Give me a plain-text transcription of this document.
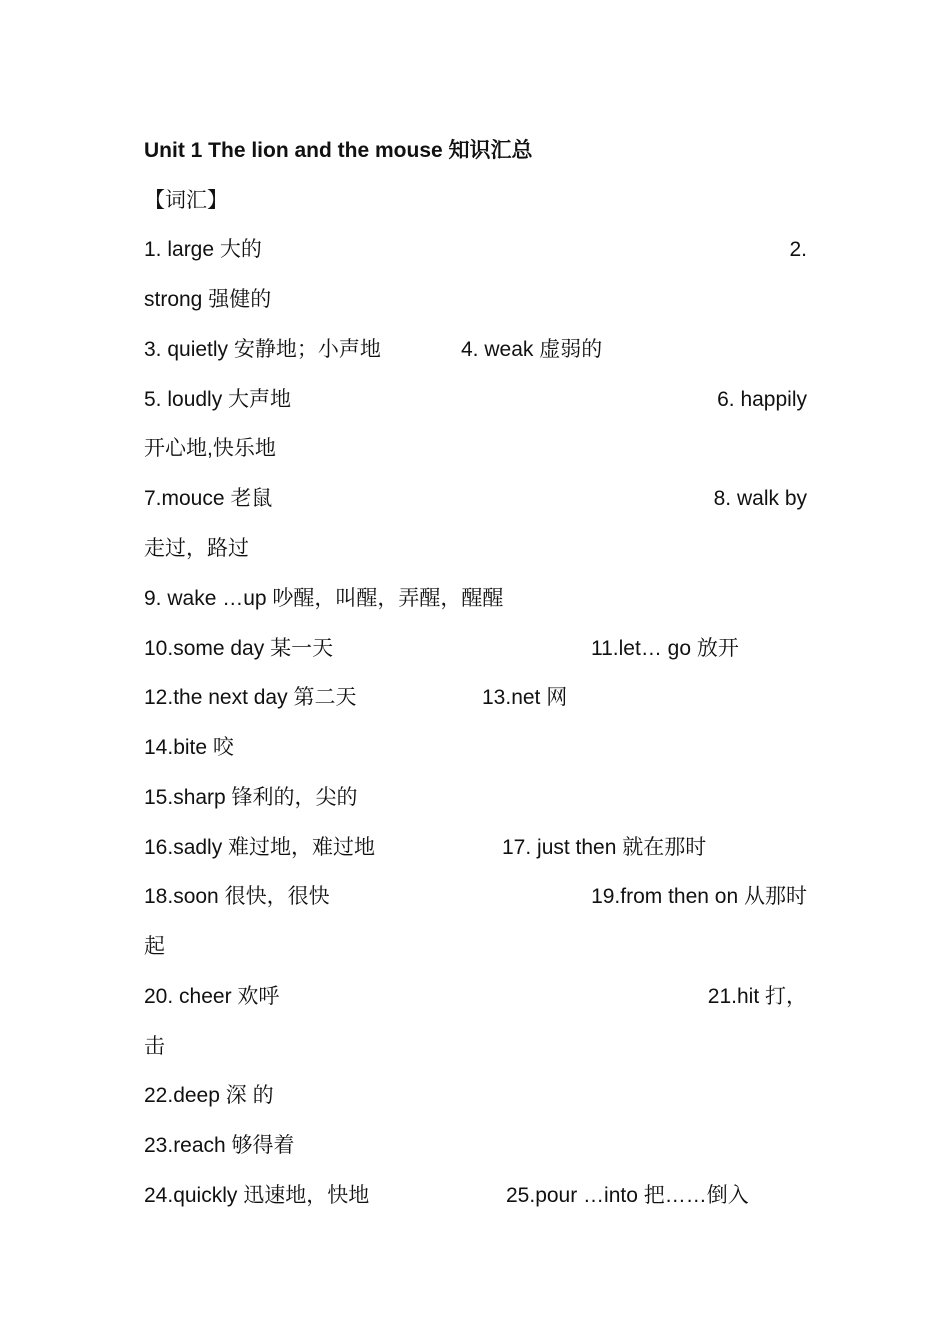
Unit 1 The lion and the mouse 知识汇总
【词汇】
1. large 大的	2.
strong 强健的
3. quietly 安静地；小声地	4. weak 虚弱的
5. loudly 大声地	6. happily
开心地,快乐地
7.mouce 老鼠	8. walk by
走过，路过
9. wake …up 吵醒，叫醒，弄醒，醒醒
10.some day 某一天	11.let… go 放开
12.the next day 第二天	13.net 网
14.bite 咬
15.sharp 锋利的，尖的
16.sadly 难过地，难过地	17. just then 就在那时
18.soon 很快，很快	19.from then on 从那时
起
20. cheer 欢呼	21.hit 打，
击
22.deep 深 的
23.reach 够得着
24.quickly 迅速地，快地	25.pour …into 把……倒入
